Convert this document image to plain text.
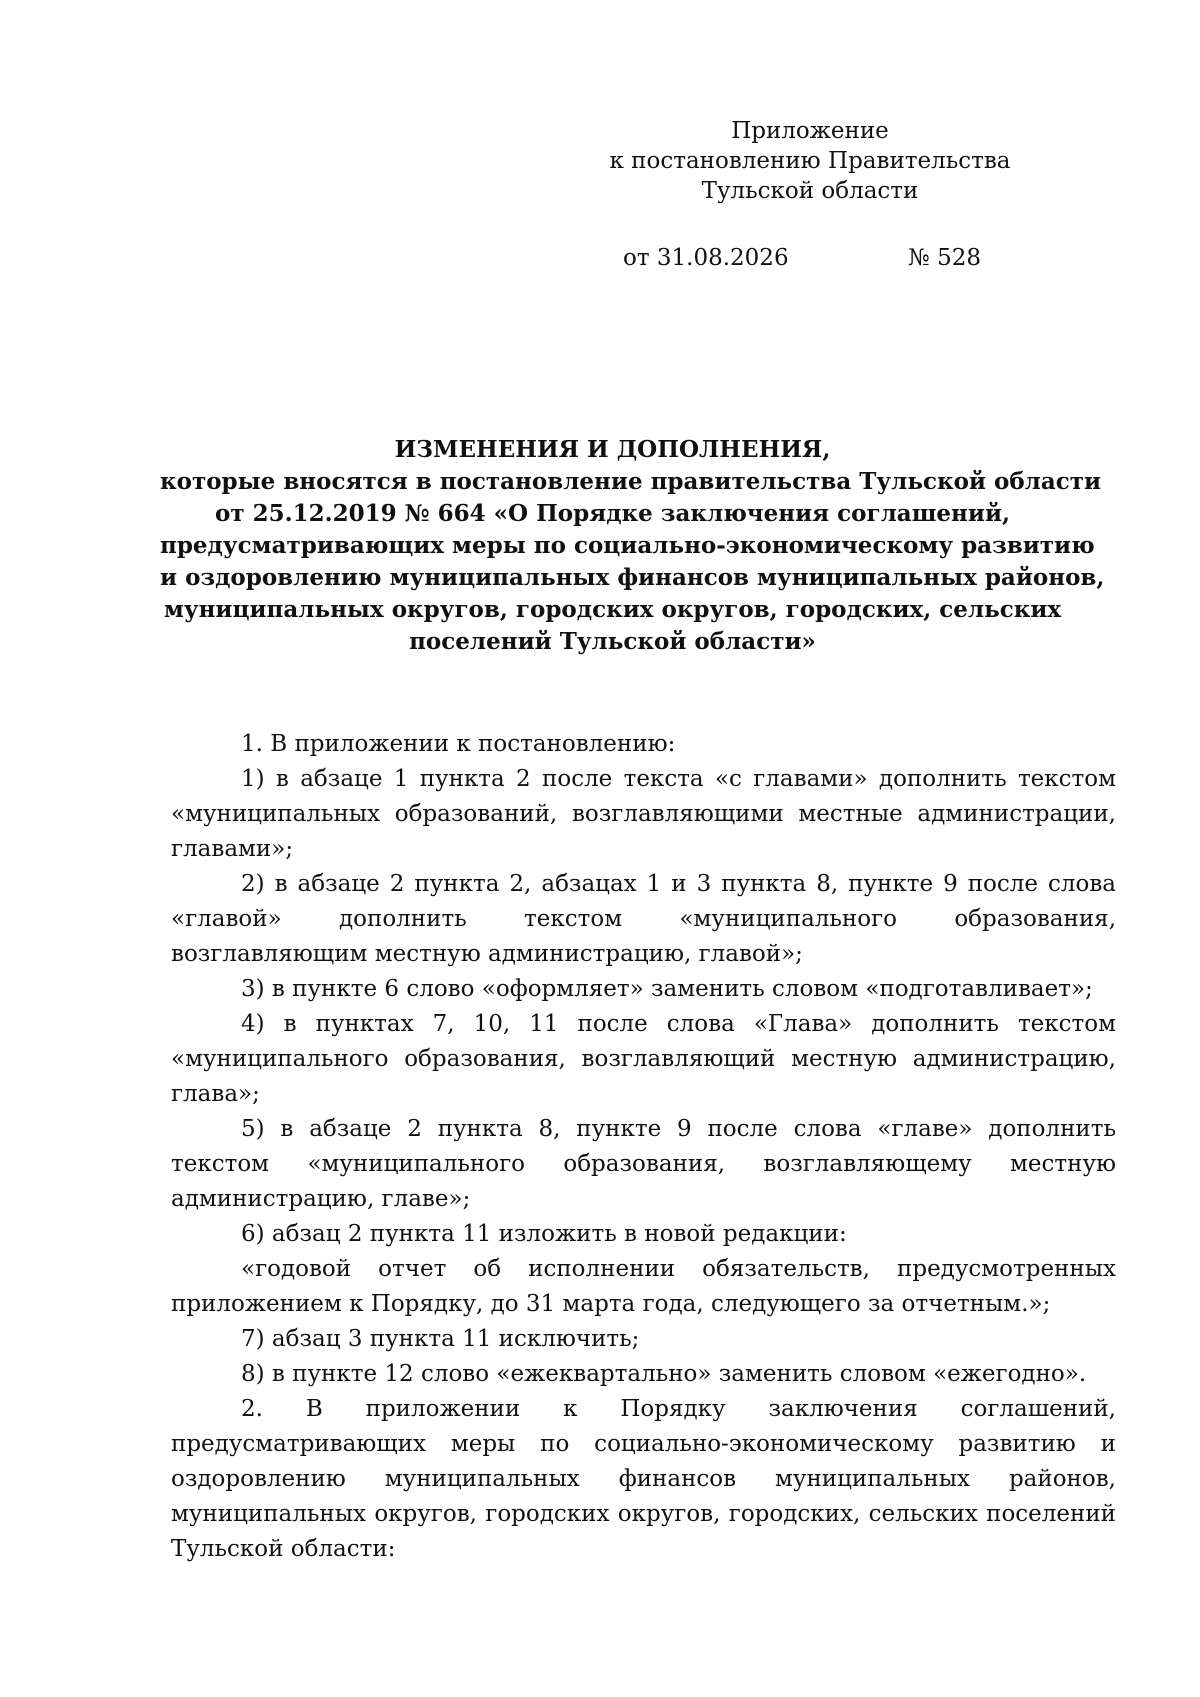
Приложение
к постановлению Правительства
Тульской области
от 31.08.2026	№ 528
ИЗМЕНЕНИЯ И ДОПОЛНЕНИЯ,
которые вносятся в постановление правительства Тульской области
от 25.12.2019 № 664 «О Порядке заключения соглашений,
предусматривающих меры по социально-экономическому развитию
и оздоровлению муниципальных финансов муниципальных районов,
муниципальных округов, городских округов, городских, сельских
поселений Тульской области»

1. В приложении к постановлению:

1) в абзаце 1 пункта 2 после текста «с главами» дополнить текстом «муниципальных образований, возглавляющими местные администрации, главами»;

2) в абзаце 2 пункта 2, абзацах 1 и 3 пункта 8, пункте 9 после слова «главой» дополнить текстом «муниципального образования, возглавляющим местную администрацию, главой»;

3) в пункте 6 слово «оформляет» заменить словом «подготавливает»;

4) в пунктах 7, 10, 11 после слова «Глава» дополнить текстом «муниципального образования, возглавляющий местную администрацию, глава»;

5) в абзаце 2 пункта 8, пункте 9 после слова «главе» дополнить текстом «муниципального образования, возглавляющему местную администрацию, главе»;

6) абзац 2 пункта 11 изложить в новой редакции:

«годовой отчет об исполнении обязательств, предусмотренных приложением к Порядку, до 31 марта года, следующего за отчетным.»;

7) абзац 3 пункта 11 исключить;

8) в пункте 12 слово «ежеквартально» заменить словом «ежегодно».

2. В приложении к Порядку заключения соглашений, предусматривающих меры по социально-экономическому развитию и оздоровлению муниципальных финансов муниципальных районов, муниципальных округов, городских округов, городских, сельских поселений Тульской области:
